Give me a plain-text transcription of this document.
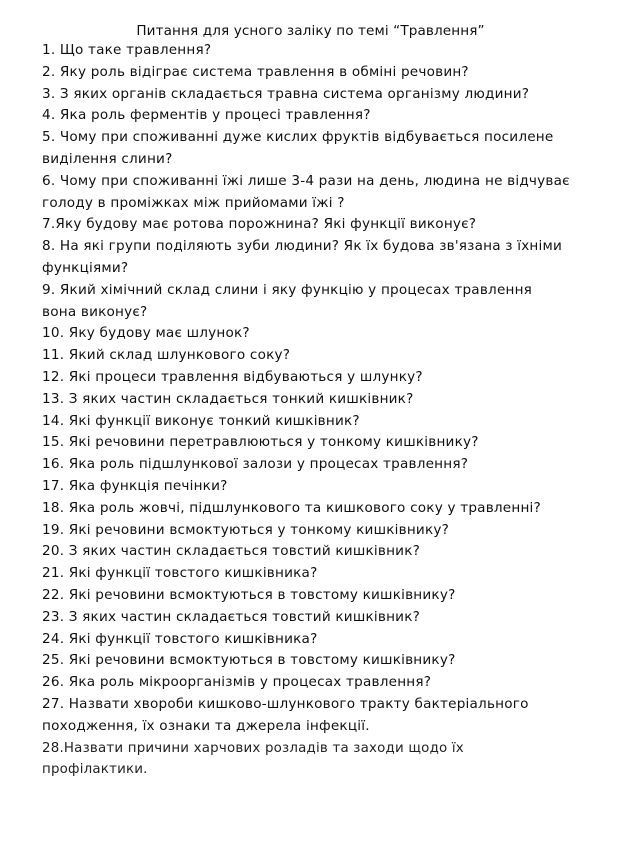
Питання для усного заліку по темі “Травлення”
1. Що таке травлення?
2. Яку роль відіграє система травлення в обміні речовин?
3. З яких органів складається травна система організму людини?
4. Яка роль ферментів у процесі травлення?
5. Чому при споживанні дуже кислих фруктів відбувається посилене
виділення слини?
6. Чому при споживанні їжі лише 3-4 рази на день, людина не відчуває
голоду в проміжках між прийомами їжі ?
7.Яку будову має ротова порожнина? Які функції виконує?
8. На які групи поділяють зуби людини? Як їх будова зв'язана з їхніми
функціями?
9. Який хімічний склад слини і яку функцію у процесах травлення
вона виконує?
10. Яку будову має шлунок?
11. Який склад шлункового соку?
12. Які процеси травлення відбуваються у шлунку?
13. З яких частин складається тонкий кишківник?
14. Які функції виконує тонкий кишківник?
15. Які речовини перетравлюються у тонкому кишківнику?
16. Яка роль підшлункової залози у процесах травлення?
17. Яка функція печінки?
18. Яка роль жовчі, підшлункового та кишкового соку у травленні?
19. Які речовини всмоктуються у тонкому кишківнику?
20. З яких частин складається товстий кишківник?
21. Які функції товстого кишківника?
22. Які речовини всмоктуються в товстому кишківнику?
23. З яких частин складається товстий кишківник?
24. Які функції товстого кишківника?
25. Які речовини всмоктуються в товстому кишківнику?
26. Яка роль мікроорганізмів у процесах травлення?
27. Назвати хвороби кишково-шлункового тракту бактеріального
походження, їх ознаки та джерела інфекції.
28.Назвати причини харчових розладів та заходи щодо їх
профілактики.
